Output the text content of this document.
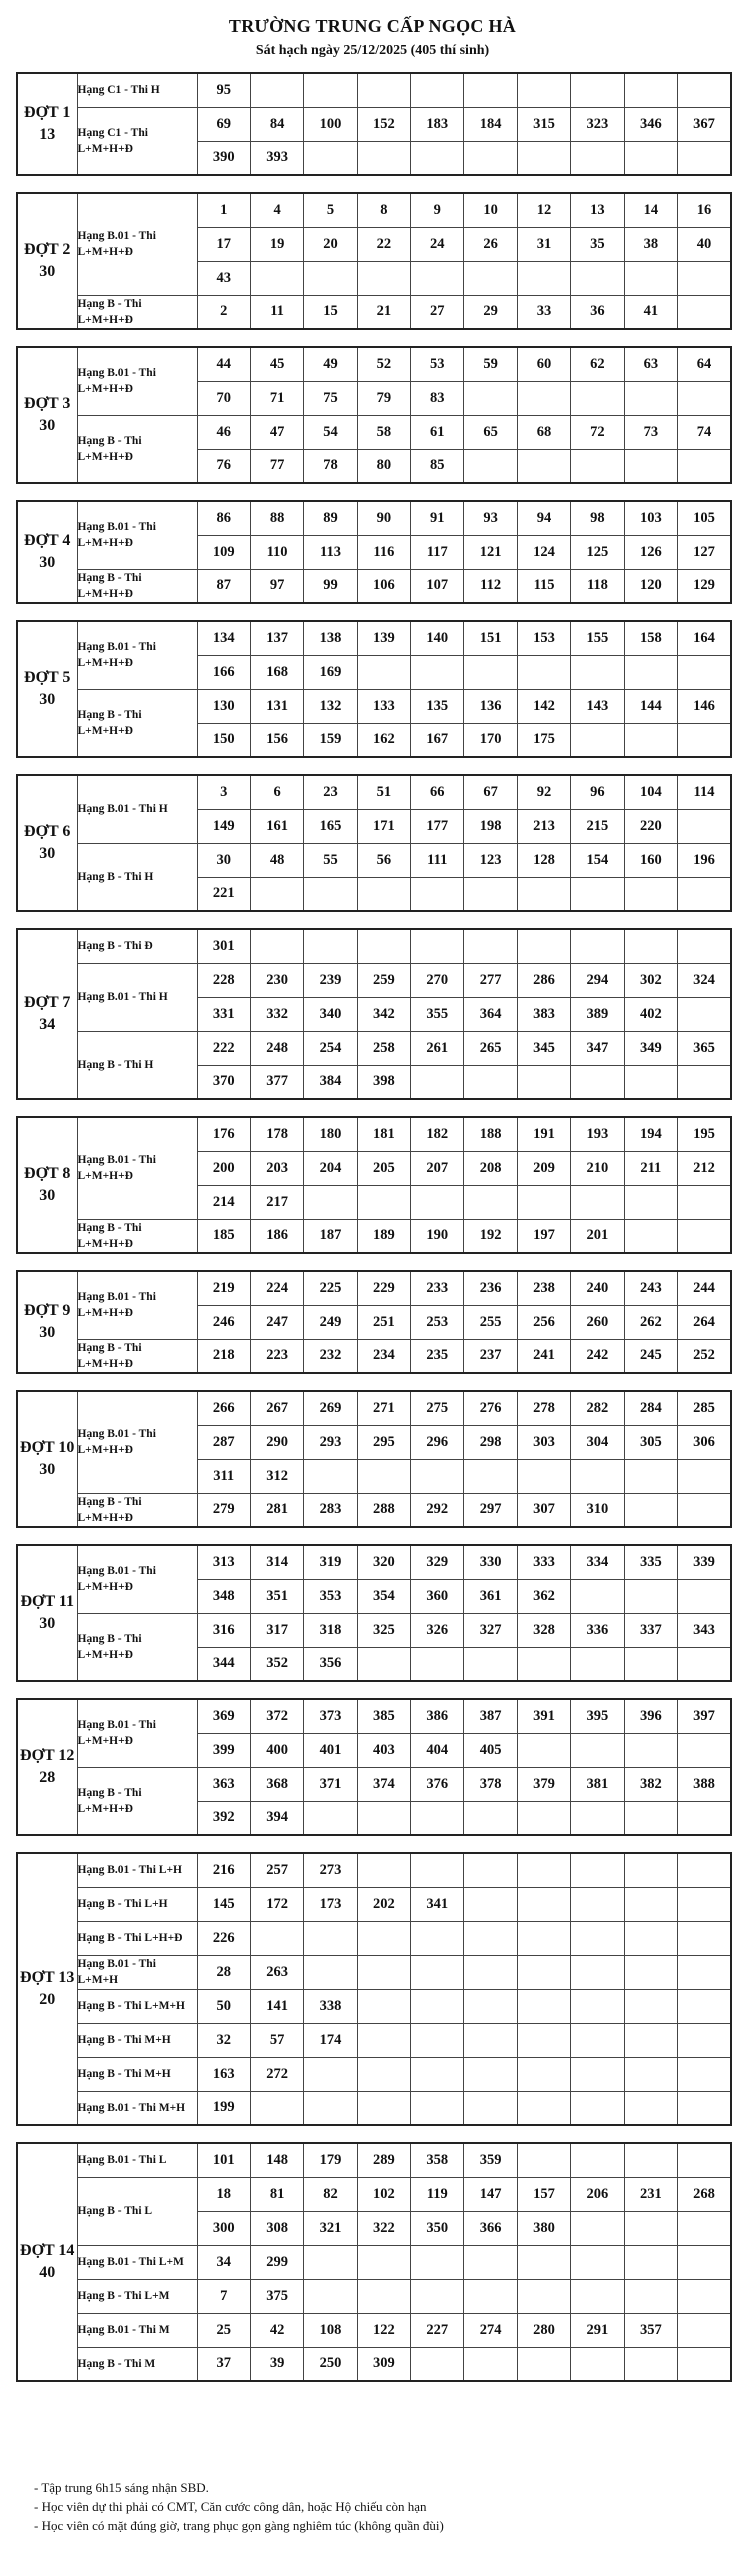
TRƯỜNG TRUNG CẤP NGỌC HÀ
Sát hạch ngày 25/12/2025 (405 thí sinh)
ĐỢT 1
13	Hạng C1 - Thi H	95									
	Hạng C1 - Thi L+M+H+Đ	69	84	100	152	183	184	315	323	346	367
		390	393								
ĐỢT 2
30	Hạng B.01 - Thi L+M+H+Đ	1	4	5	8	9	10	12	13	14	16
		17	19	20	22	24	26	31	35	38	40
		43									
	Hạng B - Thi L+M+H+Đ	2	11	15	21	27	29	33	36	41	
ĐỢT 3
30	Hạng B.01 - Thi L+M+H+Đ	44	45	49	52	53	59	60	62	63	64
		70	71	75	79	83					
	Hạng B - Thi L+M+H+Đ	46	47	54	58	61	65	68	72	73	74
		76	77	78	80	85					
ĐỢT 4
30	Hạng B.01 - Thi L+M+H+Đ	86	88	89	90	91	93	94	98	103	105
		109	110	113	116	117	121	124	125	126	127
	Hạng B - Thi L+M+H+Đ	87	97	99	106	107	112	115	118	120	129
ĐỢT 5
30	Hạng B.01 - Thi L+M+H+Đ	134	137	138	139	140	151	153	155	158	164
		166	168	169							
	Hạng B - Thi L+M+H+Đ	130	131	132	133	135	136	142	143	144	146
		150	156	159	162	167	170	175			
ĐỢT 6
30	Hạng B.01 - Thi H	3	6	23	51	66	67	92	96	104	114
		149	161	165	171	177	198	213	215	220	
	Hạng B - Thi H	30	48	55	56	111	123	128	154	160	196
		221									
ĐỢT 7
34	Hạng B - Thi Đ	301									
	Hạng B.01 - Thi H	228	230	239	259	270	277	286	294	302	324
		331	332	340	342	355	364	383	389	402	
	Hạng B - Thi H	222	248	254	258	261	265	345	347	349	365
		370	377	384	398						
ĐỢT 8
30	Hạng B.01 - Thi L+M+H+Đ	176	178	180	181	182	188	191	193	194	195
		200	203	204	205	207	208	209	210	211	212
		214	217								
	Hạng B - Thi L+M+H+Đ	185	186	187	189	190	192	197	201		
ĐỢT 9
30	Hạng B.01 - Thi L+M+H+Đ	219	224	225	229	233	236	238	240	243	244
		246	247	249	251	253	255	256	260	262	264
	Hạng B - Thi L+M+H+Đ	218	223	232	234	235	237	241	242	245	252
ĐỢT 10
30	Hạng B.01 - Thi L+M+H+Đ	266	267	269	271	275	276	278	282	284	285
		287	290	293	295	296	298	303	304	305	306
		311	312								
	Hạng B - Thi L+M+H+Đ	279	281	283	288	292	297	307	310		
ĐỢT 11
30	Hạng B.01 - Thi L+M+H+Đ	313	314	319	320	329	330	333	334	335	339
		348	351	353	354	360	361	362			
	Hạng B - Thi L+M+H+Đ	316	317	318	325	326	327	328	336	337	343
		344	352	356							
ĐỢT 12
28	Hạng B.01 - Thi L+M+H+Đ	369	372	373	385	386	387	391	395	396	397
		399	400	401	403	404	405				
	Hạng B - Thi L+M+H+Đ	363	368	371	374	376	378	379	381	382	388
		392	394								
ĐỢT 13
20	Hạng B.01 - Thi L+H	216	257	273							
	Hạng B - Thi L+H	145	172	173	202	341					
	Hạng B - Thi L+H+Đ	226									
	Hạng B.01 - Thi L+M+H	28	263								
	Hạng B - Thi L+M+H	50	141	338							
	Hạng B - Thi M+H	32	57	174							
	Hạng B - Thi M+H	163	272								
	Hạng B.01 - Thi M+H	199									
ĐỢT 14
40	Hạng B.01 - Thi L	101	148	179	289	358	359				
	Hạng B - Thi L	18	81	82	102	119	147	157	206	231	268
		300	308	321	322	350	366	380			
	Hạng B.01 - Thi L+M	34	299								
	Hạng B - Thi L+M	7	375								
	Hạng B.01 - Thi M	25	42	108	122	227	274	280	291	357	
	Hạng B - Thi M	37	39	250	309						
- Tập trung 6h15 sáng nhận SBD.
- Học viên dự thi phải có CMT, Căn cước công dân, hoặc Hộ chiếu còn hạn
- Học viên có mặt đúng giờ, trang phục gọn gàng nghiêm túc (không quần đùi)
